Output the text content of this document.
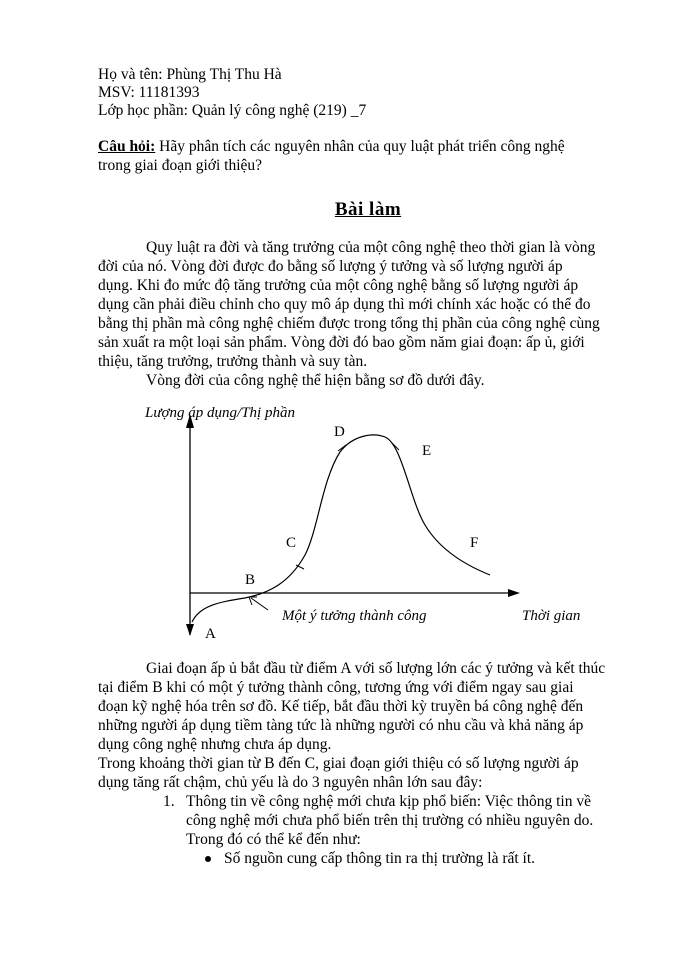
Họ và tên: Phùng Thị Thu Hà
MSV: 11181393
Lớp học phần: Quản lý công nghệ (219) _7
Câu hỏi: Hãy phân tích các nguyên nhân của quy luật phát triển công nghệ
trong giai đoạn giới thiệu?
Bài làm
Quy luật ra đời và tăng trưởng của một công nghệ theo thời gian là vòng
đời của nó. Vòng đời được đo bằng số lượng ý tưởng và số lượng người áp
dụng. Khi đo mức độ tăng trưởng của một công nghệ bằng số lượng người áp
dụng cần phải điều chỉnh cho quy mô áp dụng thì mới chính xác hoặc có thể đo
bằng thị phần mà công nghệ chiếm được trong tổng thị phần của công nghệ cùng
sản xuất ra một loại sản phẩm. Vòng đời đó bao gồm năm giai đoạn: ấp ủ, giới
thiệu, tăng trưởng, trưởng thành và suy tàn.
Vòng đời của công nghệ thể hiện bằng sơ đồ dưới đây.
Lượng áp dụng/Thị phần
Thời gian
Một ý tưởng thành công
A
B
C
D
E
F
Giai đoạn ấp ủ bắt đầu từ điểm A với số lượng lớn các ý tưởng và kết thúc
tại điểm B khi có một ý tưởng thành công, tương ứng với điểm ngay sau giai
đoạn kỹ nghệ hóa trên sơ đồ. Kế tiếp, bắt đầu thời kỳ truyền bá công nghệ đến
những người áp dụng tiềm tàng tức là những người có nhu cầu và khả năng áp
dụng công nghệ nhưng chưa áp dụng.
Trong khoảng thời gian từ B đến C, giai đoạn giới thiệu có số lượng người áp
dụng tăng rất chậm, chủ yếu là do 3 nguyên nhân lớn sau đây:
1. Thông tin về công nghệ mới chưa kịp phổ biến: Việc thông tin về
công nghệ mới chưa phổ biến trên thị trường có nhiều nguyên do.
Trong đó có thể kể đến như:
Số nguồn cung cấp thông tin ra thị trường là rất ít.
